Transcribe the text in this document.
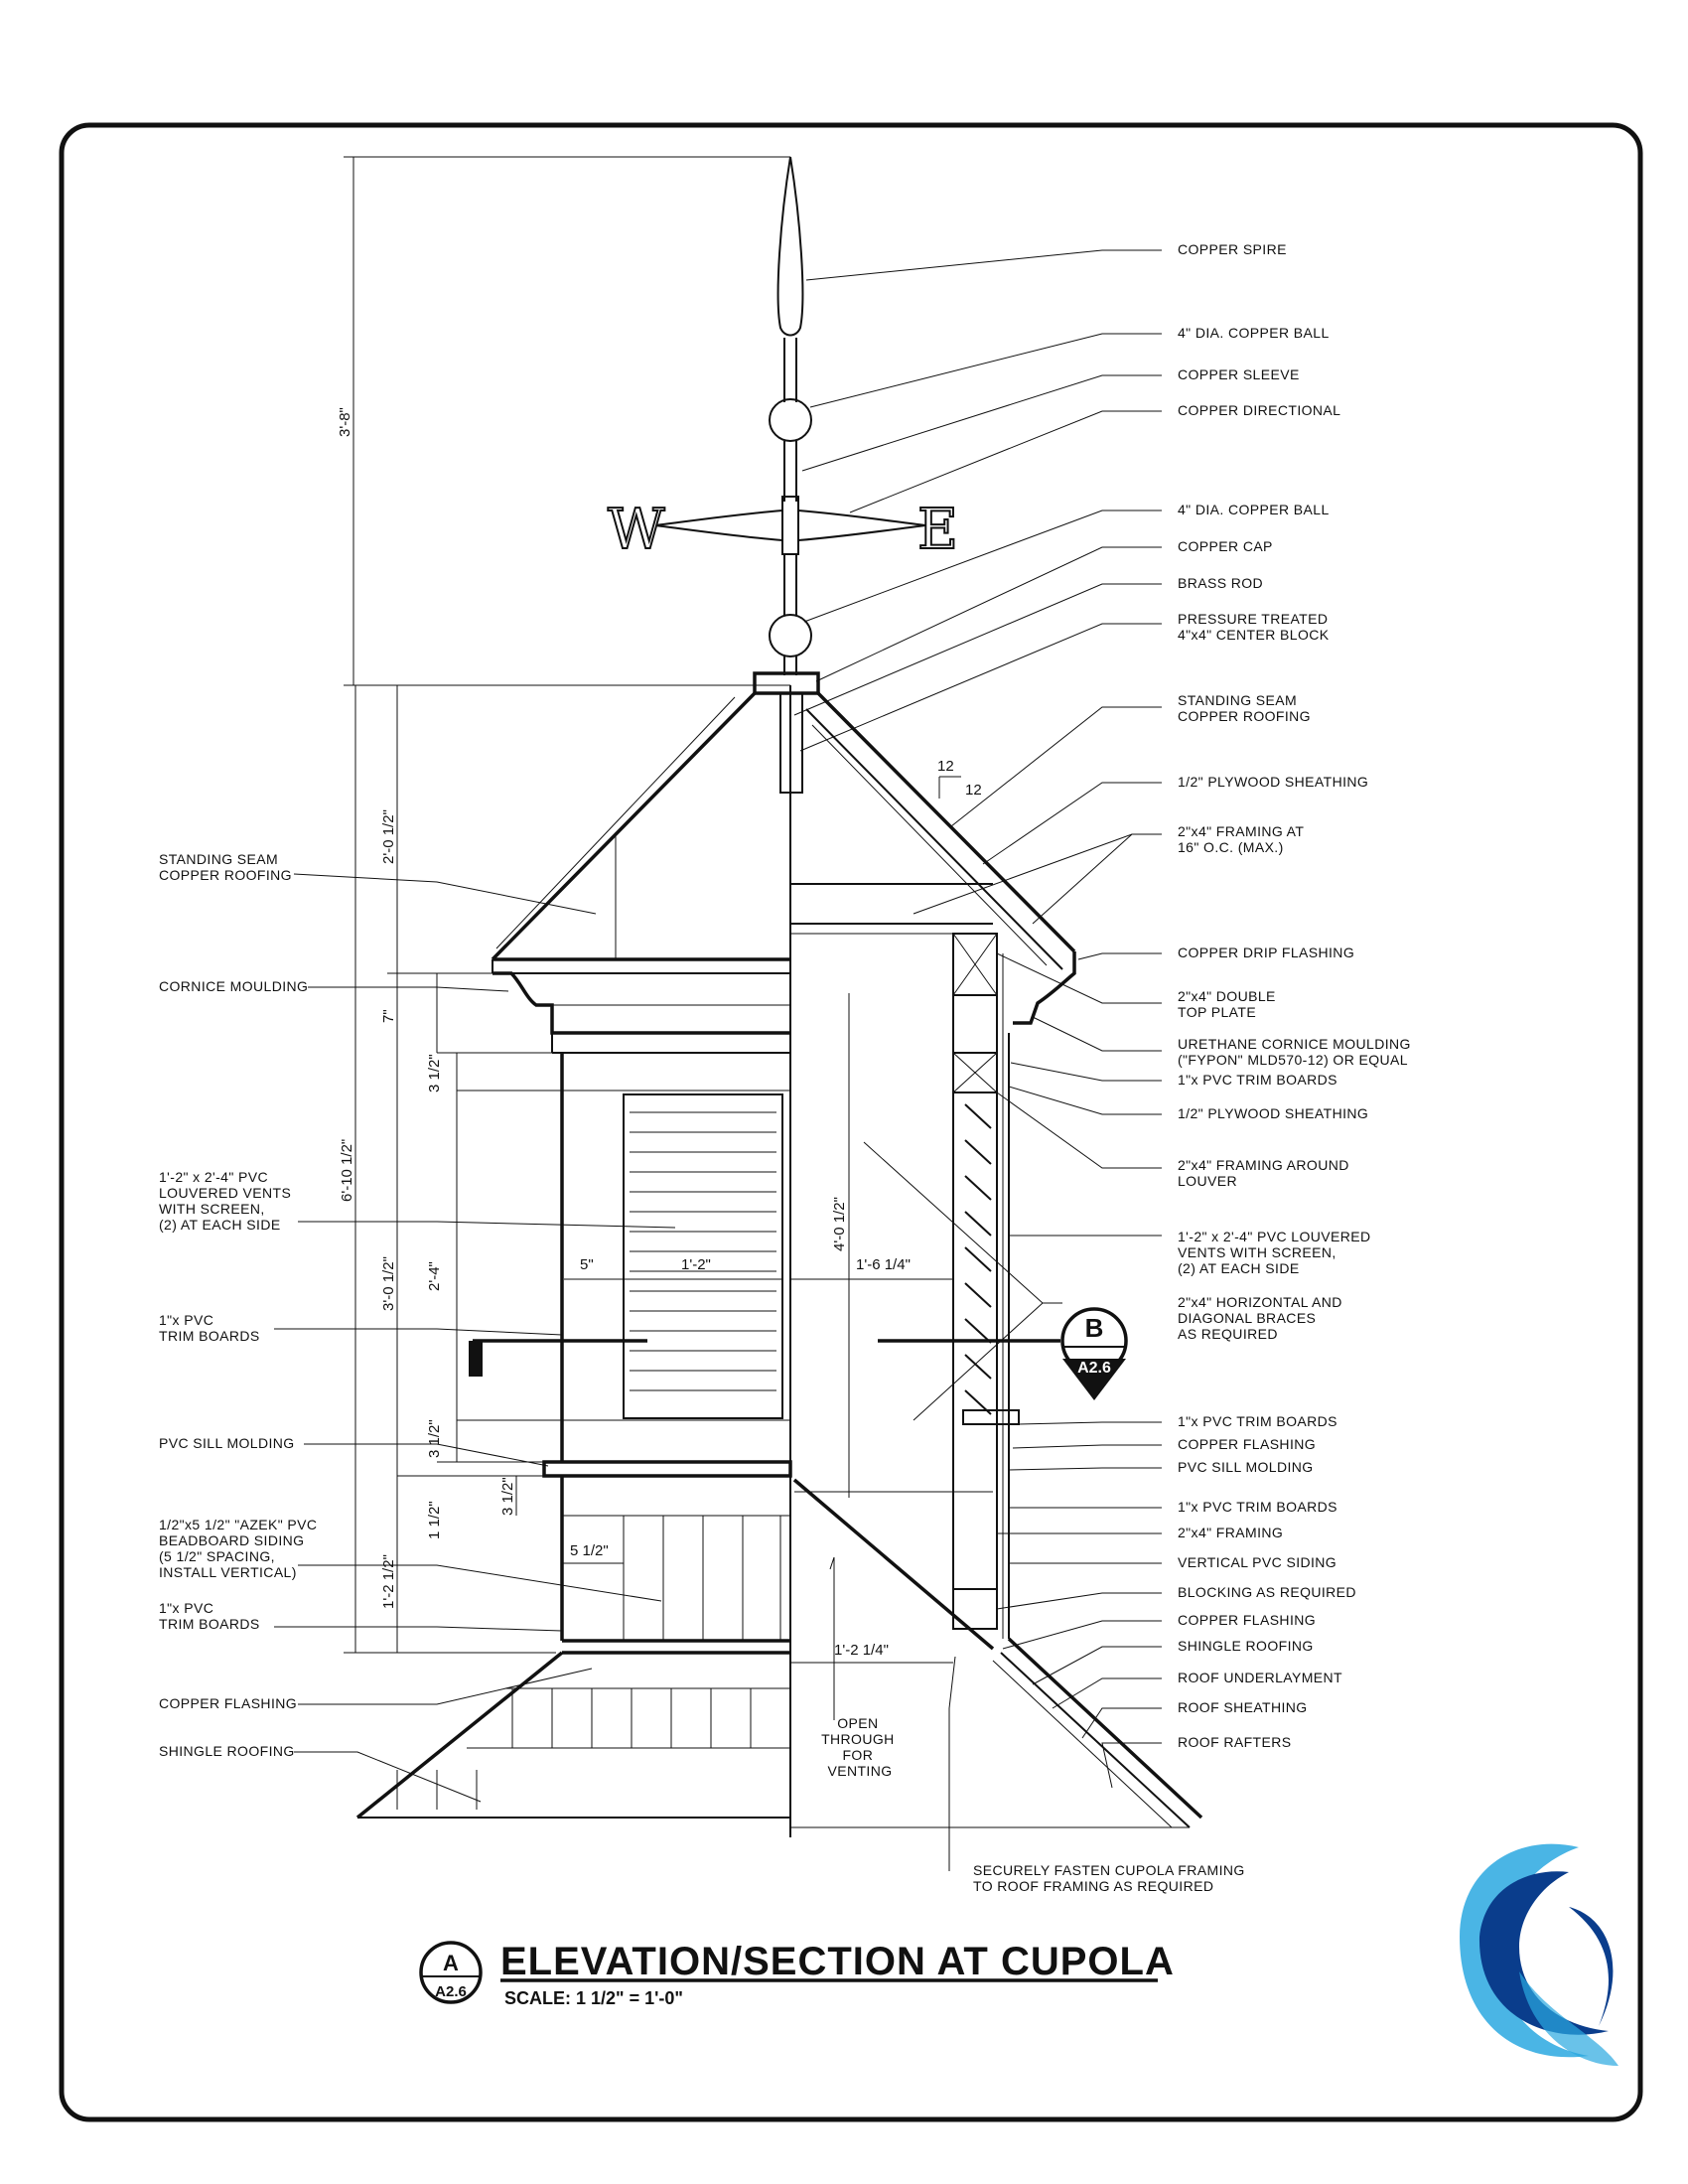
W	E
3'-8"
6'-10 1/2"
2'-0 1/2"
7"
3'-0 1/2" 2'-4"
3 1/2"
3 1/2"
3 1/2"
1'-2 1/2"
1 1/2"
5"	1'-2"	1'-6 1/4"
4'-0 1/2"
5 1/2"
1'-2 1/4"
12
12
COPPER SPIRE
4" DIA. COPPER BALL
COPPER SLEEVE
COPPER DIRECTIONAL
4" DIA. COPPER BALL
COPPER CAP
BRASS ROD
PRESSURE TREATED 4"x4" CENTER BLOCK
STANDING SEAM COPPER ROOFING
1/2" PLYWOOD SHEATHING
2"x4" FRAMING AT 16" O.C. (MAX.)
COPPER DRIP FLASHING
2"x4" DOUBLE TOP PLATE
URETHANE CORNICE MOULDING ("FYPON" MLD570-12) OR EQUAL
1"x PVC TRIM BOARDS
1/2" PLYWOOD SHEATHING
2"x4" FRAMING AROUND LOUVER
1'-2" x 2'-4" PVC LOUVERED VENTS WITH SCREEN, (2) AT EACH SIDE
2"x4" HORIZONTAL AND DIAGONAL BRACES AS REQUIRED
1"x PVC TRIM BOARDS
COPPER FLASHING
PVC SILL MOLDING
1"x PVC TRIM BOARDS
2"x4" FRAMING
VERTICAL PVC SIDING
BLOCKING AS REQUIRED
COPPER FLASHING
SHINGLE ROOFING
ROOF UNDERLAYMENT
ROOF SHEATHING
ROOF RAFTERS
STANDING SEAM COPPER ROOFING
CORNICE MOULDING
1'-2" x 2'-4" PVC LOUVERED VENTS WITH SCREEN, (2) AT EACH SIDE
1"x PVC TRIM BOARDS
PVC SILL MOLDING
1/2"x5 1/2" "AZEK" PVC BEADBOARD SIDING (5 1/2" SPACING, INSTALL VERTICAL)
1"x PVC TRIM BOARDS
COPPER FLASHING
SHINGLE ROOFING
OPEN THROUGH FOR VENTING
SECURELY FASTEN CUPOLA FRAMING TO ROOF FRAMING AS REQUIRED
B
A2.6
A
A2.6
ELEVATION/SECTION AT CUPOLA
SCALE: 1 1/2" = 1'-0"
